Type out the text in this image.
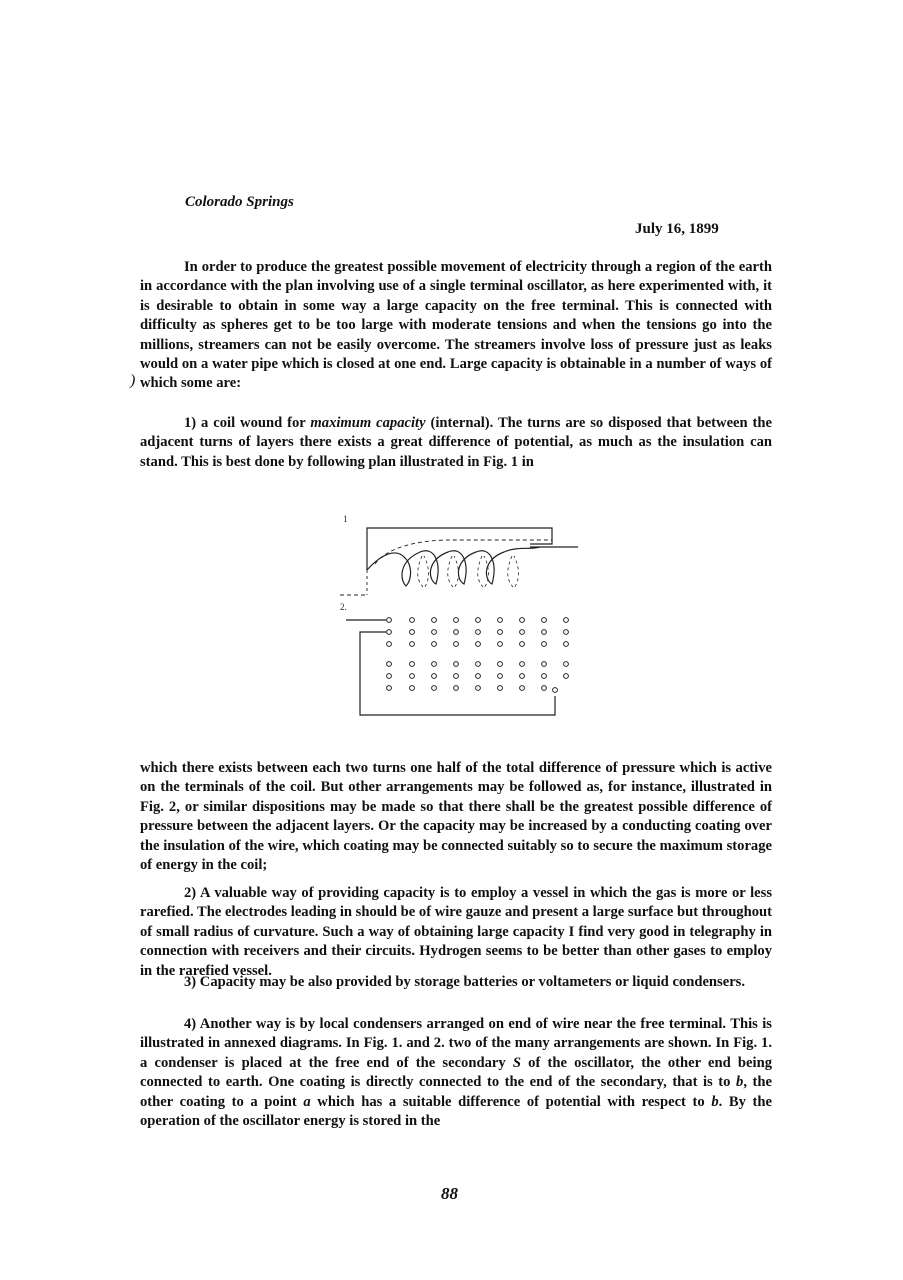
Colorado Springs
July 16, 1899

In order to produce the greatest possible movement of electricity through a region of the earth in accordance with the plan involving use of a single terminal oscillator, as here experimented with, it is desirable to obtain in some way a large capacity on the free terminal. This is connected with difficulty as spheres get to be too large with moderate tensions and when the tensions go into the millions, streamers can not be easily overcome. The streamers involve loss of pressure just as leaks would on a water pipe which is closed at one end. Large capacity is obtainable in a number of ways of which some are:

)

1) a coil wound for maximum capacity (internal). The turns are so disposed that between the adjacent turns of layers there exists a great difference of potential, as much as the insulation can stand. This is best done by following plan illustrated in Fig. 1 in

1
2.

which there exists between each two turns one half of the total difference of pressure which is active on the terminals of the coil. But other arrangements may be followed as, for instance, illustrated in Fig. 2, or similar dispositions may be made so that there shall be the greatest possible difference of pressure between the adjacent layers. Or the capacity may be increased by a conducting coating over the insulation of the wire, which coating may be connected suitably so to secure the maximum storage of energy in the coil;

2) A valuable way of providing capacity is to employ a vessel in which the gas is more or less rarefied. The electrodes leading in should be of wire gauze and present a large surface but throughout of small radius of curvature. Such a way of obtaining large capacity I find very good in telegraphy in connection with receivers and their circuits. Hydrogen seems to be better than other gases to employ in the rarefied vessel.

3) Capacity may be also provided by storage batteries or voltameters or liquid condensers.

4) Another way is by local condensers arranged on end of wire near the free terminal. This is illustrated in annexed diagrams. In Fig. 1. and 2. two of the many arrangements are shown. In Fig. 1. a condenser is placed at the free end of the secondary S of the oscillator, the other end being connected to earth. One coating is directly connected to the end of the secondary, that is to b, the other coating to a point a which has a suitable difference of potential with respect to b. By the operation of the oscillator energy is stored in the

88
